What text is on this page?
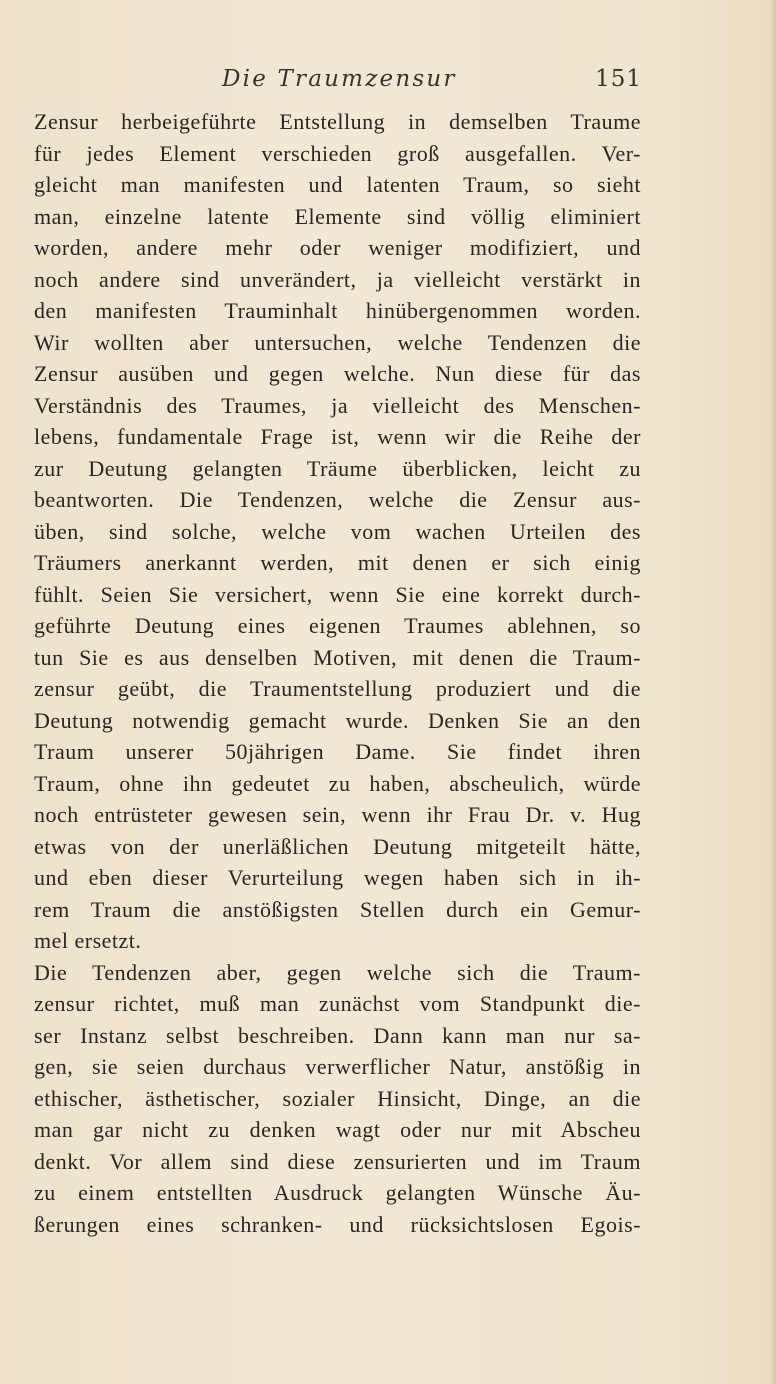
Die Traumzensur	151
Zensur herbeigeführte Entstellung in demselben Traume
für jedes Element verschieden groß ausgefallen. Ver-
gleicht man manifesten und latenten Traum, so sieht
man, einzelne latente Elemente sind völlig eliminiert
worden, andere mehr oder weniger modifiziert, und
noch andere sind unverändert, ja vielleicht verstärkt in
den manifesten Trauminhalt hinübergenommen worden.
Wir wollten aber untersuchen, welche Tendenzen die
Zensur ausüben und gegen welche. Nun diese für das
Verständnis des Traumes, ja vielleicht des Menschen-
lebens, fundamentale Frage ist, wenn wir die Reihe der
zur Deutung gelangten Träume überblicken, leicht zu
beantworten. Die Tendenzen, welche die Zensur aus-
üben, sind solche, welche vom wachen Urteilen des
Träumers anerkannt werden, mit denen er sich einig
fühlt. Seien Sie versichert, wenn Sie eine korrekt durch-
geführte Deutung eines eigenen Traumes ablehnen, so
tun Sie es aus denselben Motiven, mit denen die Traum-
zensur geübt, die Traumentstellung produziert und die
Deutung notwendig gemacht wurde. Denken Sie an den
Traum unserer 50jährigen Dame. Sie findet ihren
Traum, ohne ihn gedeutet zu haben, abscheulich, würde
noch entrüsteter gewesen sein, wenn ihr Frau Dr. v. Hug
etwas von der unerläßlichen Deutung mitgeteilt hätte,
und eben dieser Verurteilung wegen haben sich in ih-
rem Traum die anstößigsten Stellen durch ein Gemur-
mel ersetzt.
Die Tendenzen aber, gegen welche sich die Traum-
zensur richtet, muß man zunächst vom Standpunkt die-
ser Instanz selbst beschreiben. Dann kann man nur sa-
gen, sie seien durchaus verwerflicher Natur, anstößig in
ethischer, ästhetischer, sozialer Hinsicht, Dinge, an die
man gar nicht zu denken wagt oder nur mit Abscheu
denkt. Vor allem sind diese zensurierten und im Traum
zu einem entstellten Ausdruck gelangten Wünsche Äu-
ßerungen eines schranken- und rücksichtslosen Egois-
